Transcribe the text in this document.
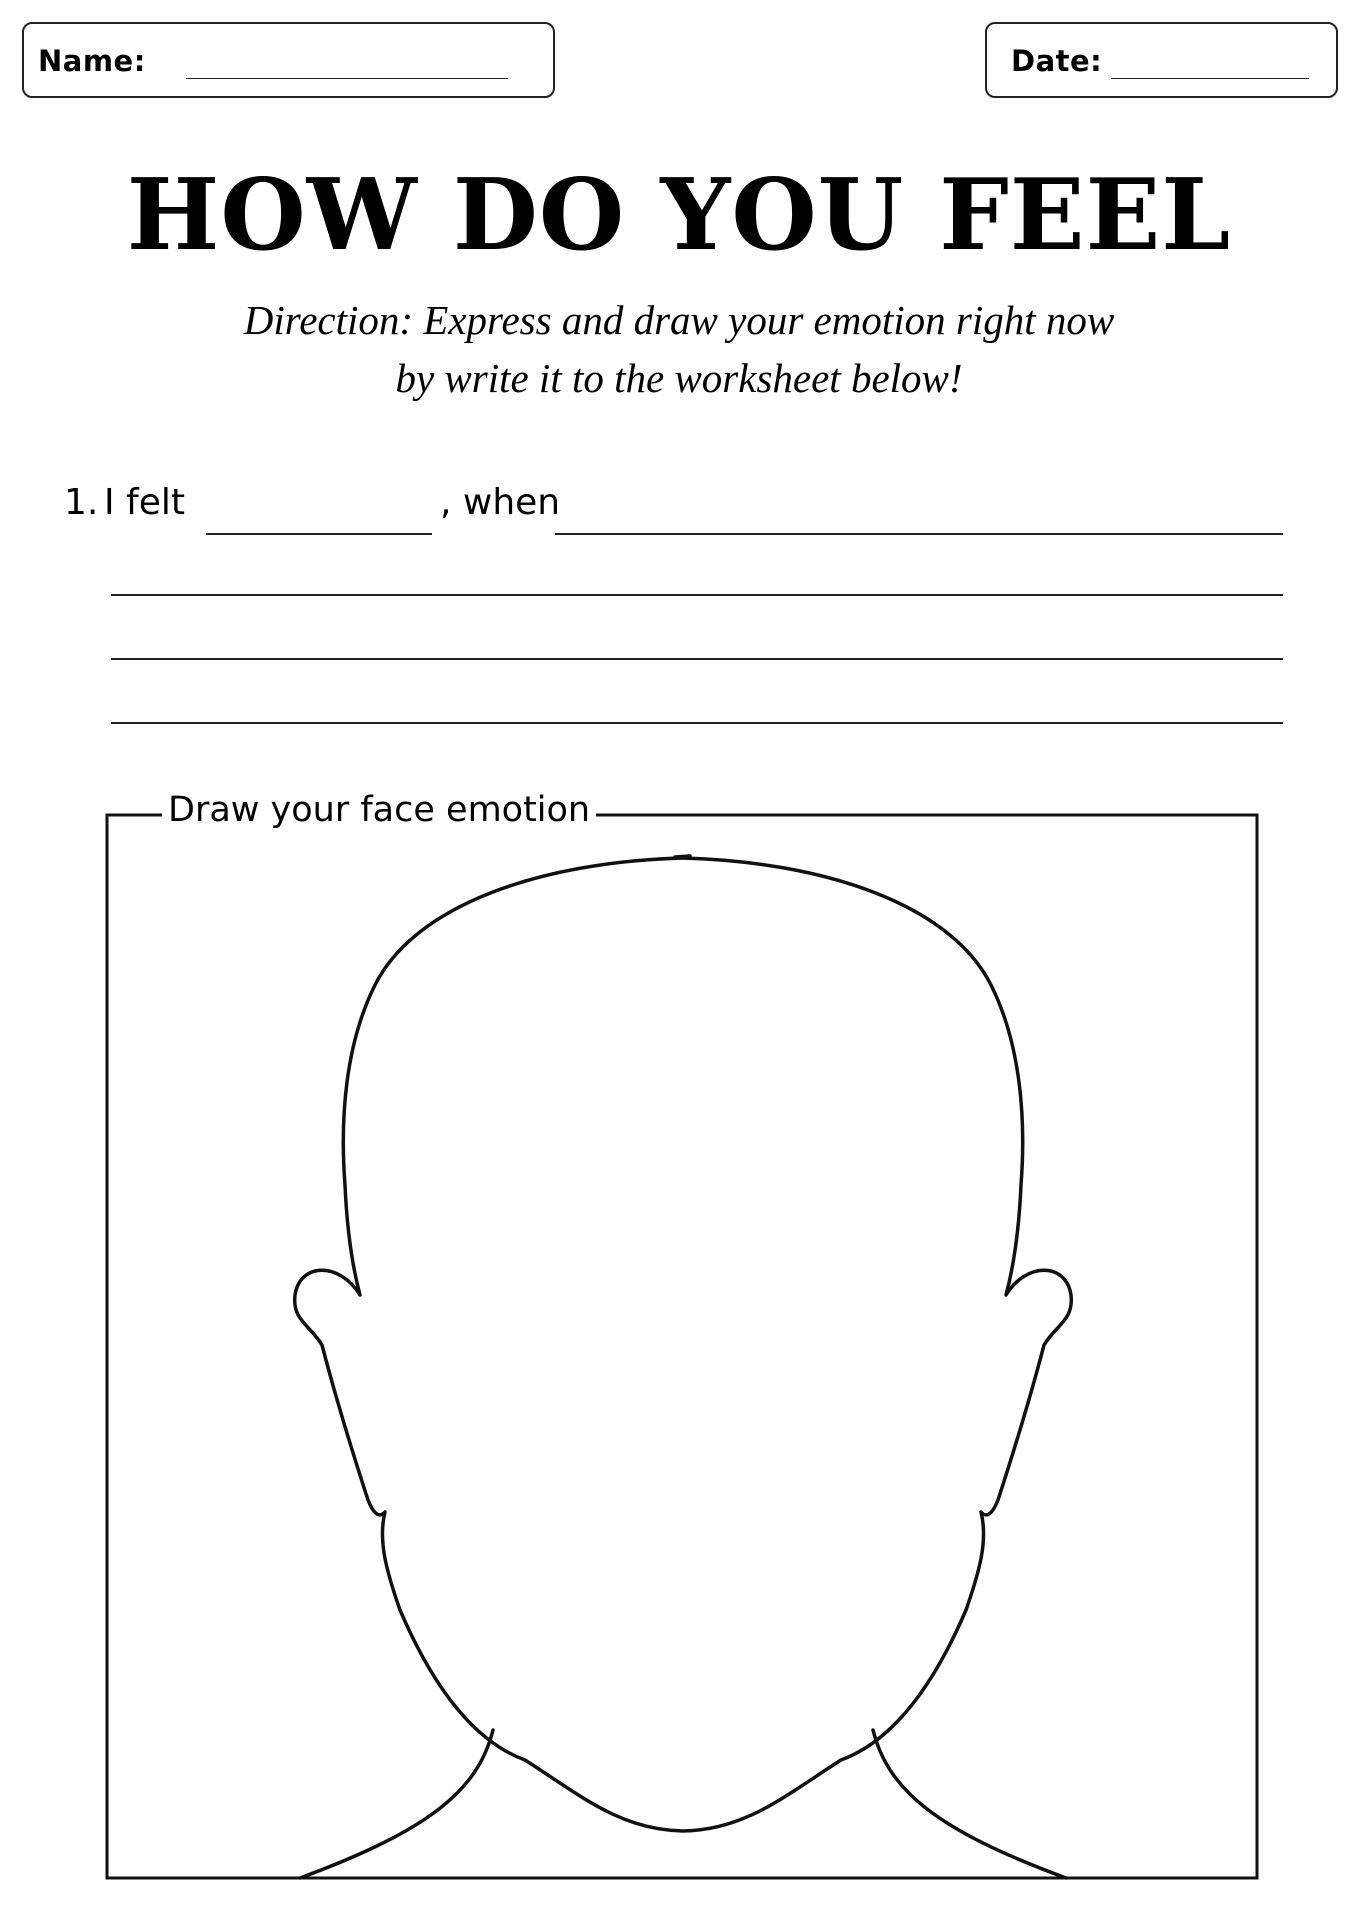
Name:	Date:
HOW DO YOU FEEL
Direction: Express and draw your emotion right now
by write it to the worksheet below!
1. I felt	, when
Draw your face emotion
